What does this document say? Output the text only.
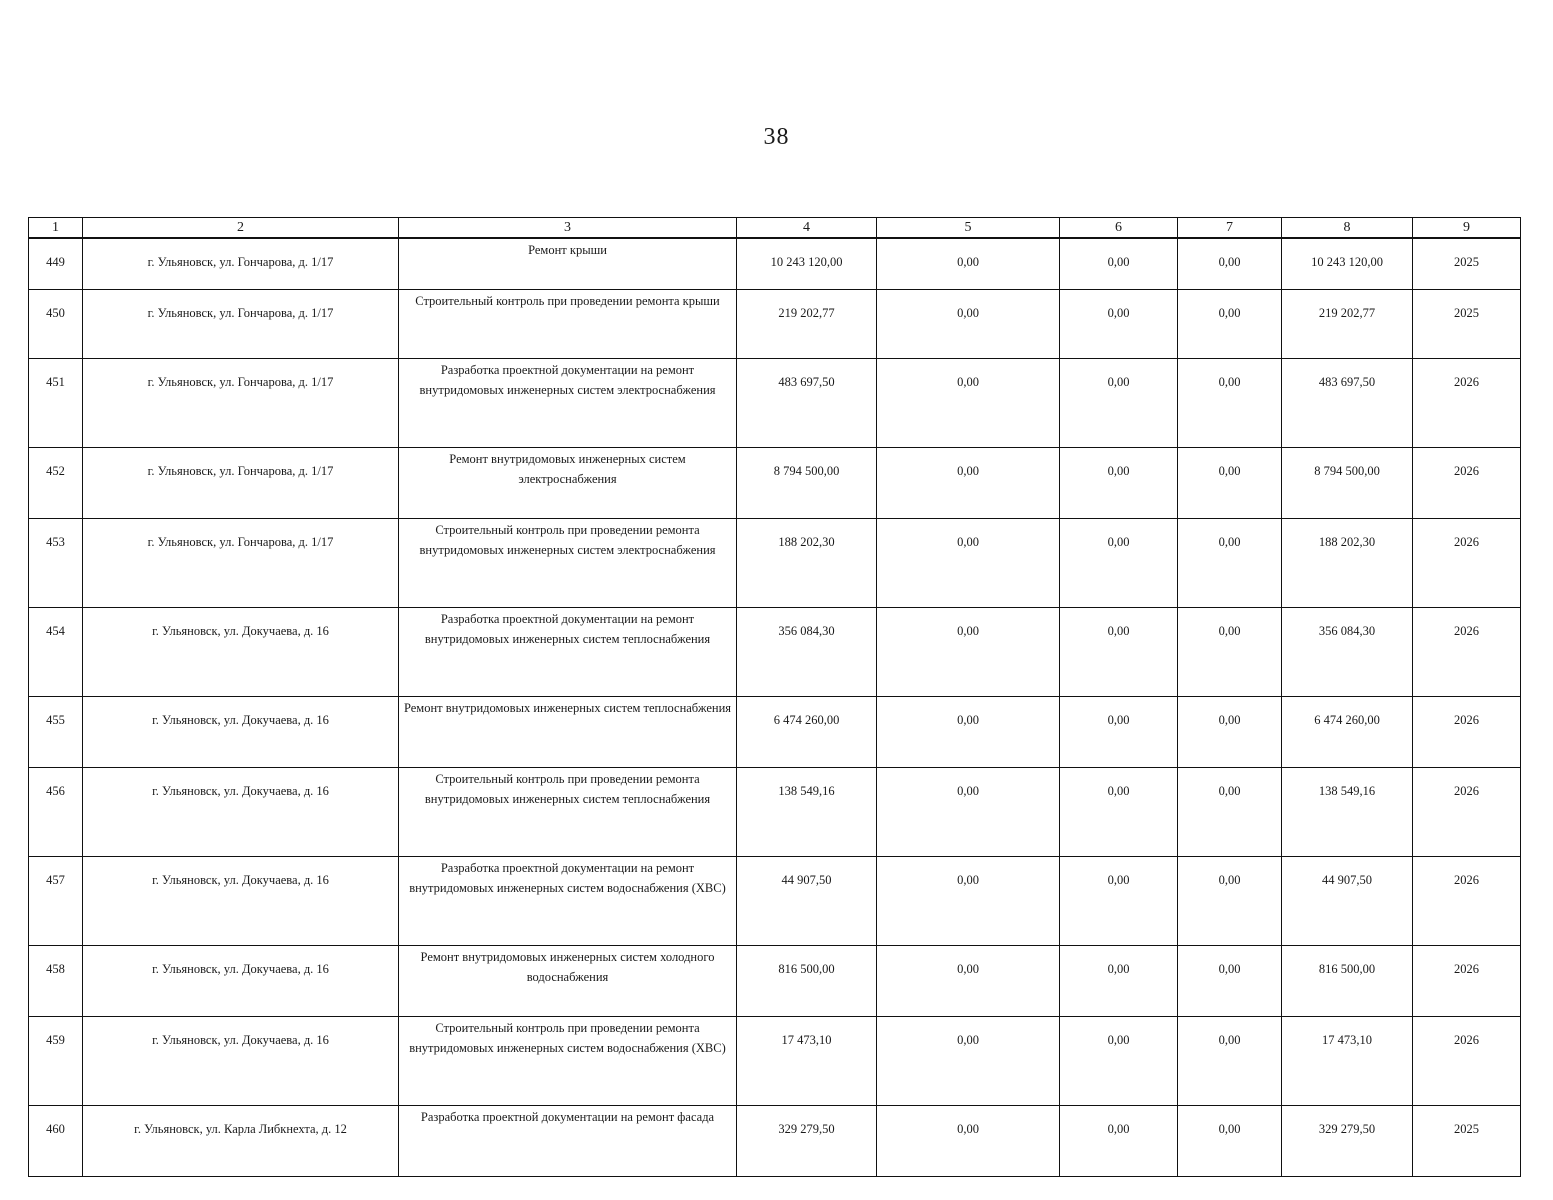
38
1	2	3	4	5	6	7	8	9
449	г. Ульяновск, ул. Гончарова, д. 1/17	Ремонт крыши	10 243 120,00	0,00	0,00	0,00	10 243 120,00	2025
450	г. Ульяновск, ул. Гончарова, д. 1/17	Строительный контроль при проведении ремонта крыши	219 202,77	0,00	0,00	0,00	219 202,77	2025
451	г. Ульяновск, ул. Гончарова, д. 1/17	Разработка проектной документации на ремонт внутридомовых инженерных систем электроснабжения	483 697,50	0,00	0,00	0,00	483 697,50	2026
452	г. Ульяновск, ул. Гончарова, д. 1/17	Ремонт внутридомовых инженерных систем электроснабжения	8 794 500,00	0,00	0,00	0,00	8 794 500,00	2026
453	г. Ульяновск, ул. Гончарова, д. 1/17	Строительный контроль при проведении ремонта внутридомовых инженерных систем электроснабжения	188 202,30	0,00	0,00	0,00	188 202,30	2026
454	г. Ульяновск, ул. Докучаева, д. 16	Разработка проектной документации на ремонт внутридомовых инженерных систем теплоснабжения	356 084,30	0,00	0,00	0,00	356 084,30	2026
455	г. Ульяновск, ул. Докучаева, д. 16	Ремонт внутридомовых инженерных систем теплоснабжения	6 474 260,00	0,00	0,00	0,00	6 474 260,00	2026
456	г. Ульяновск, ул. Докучаева, д. 16	Строительный контроль при проведении ремонта внутридомовых инженерных систем теплоснабжения	138 549,16	0,00	0,00	0,00	138 549,16	2026
457	г. Ульяновск, ул. Докучаева, д. 16	Разработка проектной документации на ремонт внутридомовых инженерных систем водоснабжения (ХВС)	44 907,50	0,00	0,00	0,00	44 907,50	2026
458	г. Ульяновск, ул. Докучаева, д. 16	Ремонт внутридомовых инженерных систем холодного водоснабжения	816 500,00	0,00	0,00	0,00	816 500,00	2026
459	г. Ульяновск, ул. Докучаева, д. 16	Строительный контроль при проведении ремонта внутридомовых инженерных систем водоснабжения (ХВС)	17 473,10	0,00	0,00	0,00	17 473,10	2026
460	г. Ульяновск, ул. Карла Либкнехта, д. 12	Разработка проектной документации на ремонт фасада	329 279,50	0,00	0,00	0,00	329 279,50	2025
